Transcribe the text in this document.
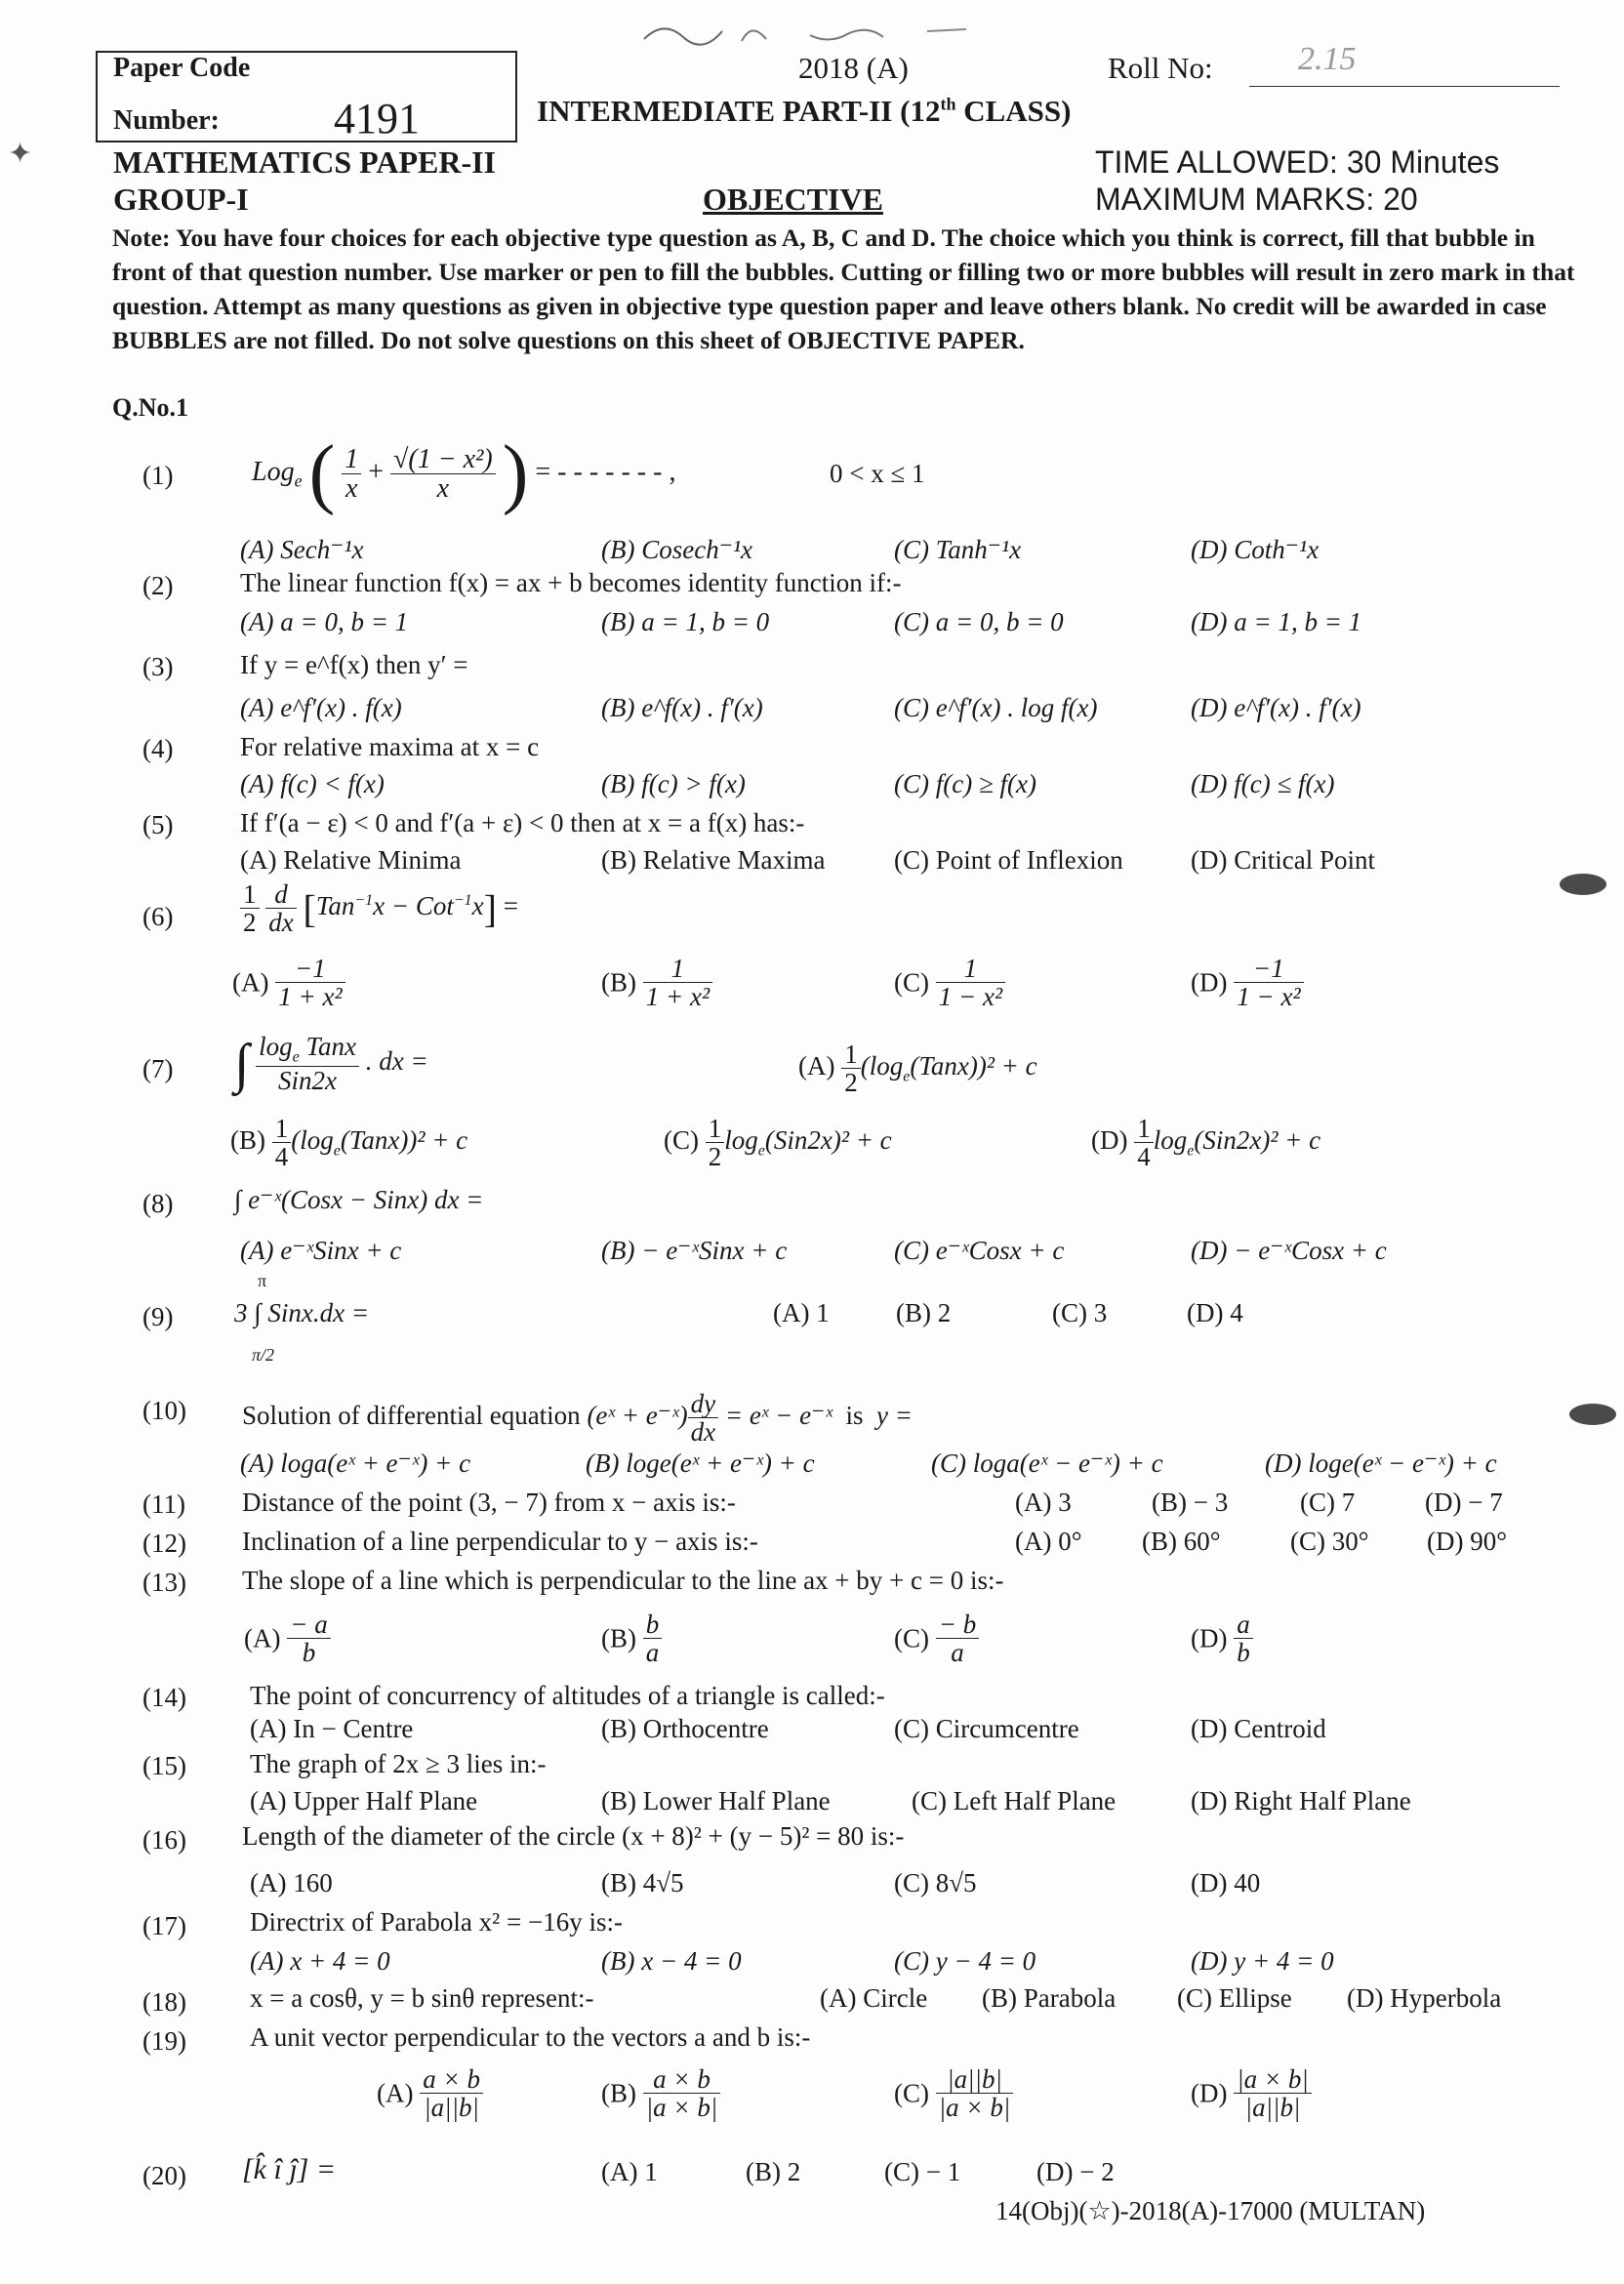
✦
Paper Code
Number:	4191
2018 (A)	Roll No:	2.15
INTERMEDIATE PART-II (12th CLASS)
MATHEMATICS PAPER-II
GROUP-I	OBJECTIVE
TIME ALLOWED: 30 Minutes
MAXIMUM MARKS: 20
Note: You have four choices for each objective type question as A, B, C and D. The choice which you think is correct, fill that bubble in front of that question number. Use marker or pen to fill the bubbles. Cutting or filling two or more bubbles will result in zero mark in that question. Attempt as many questions as given in objective type question paper and leave others blank. No credit will be awarded in case BUBBLES are not filled. Do not solve questions on this sheet of OBJECTIVE PAPER.
Q.No.1
(1)	Log$_e$ ( $\frac{1}{x} + \frac{\text{√(1 − x²)}}{x}$ ) = - - - - - - - ,	0 < x ≤ 1
(A) Sech⁻¹x	(B) Cosech⁻¹x	(C) Tanh⁻¹x	(D) Coth⁻¹x
(2)	The linear function f(x) = ax + b becomes identity function if:-
(A) a = 0, b = 1	(B) a = 1, b = 0	(C) a = 0, b = 0	(D) a = 1, b = 1
(3)	If y = e^f(x) then y′ =
(A) e^f′(x) . f(x)	(B) e^f(x) . f′(x)	(C) e^f′(x) . log f(x)	(D) e^f′(x) . f′(x)
(4)	For relative maxima at x = c
(A) f(c) < f(x)	(B) f(c) > f(x)	(C) f(c) ≥ f(x)	(D) f(c) ≤ f(x)
(5)	If f′(a − ε) < 0 and f′(a + ε) < 0 then at x = a f(x) has:-
(A) Relative Minima	(B) Relative Maxima	(C) Point of Inflexion	(D) Critical Point
(6)	$\frac{1}{2}$
$\frac{d}{dx} [Tan^{-1}x - Cot^{-1}x]$ =
$(A) \frac{-1}{\text{1 + x²}}$	$(B) \frac{1}{\text{1 + x²}}$	$(C) \frac{1}{\text{1 − x²}}$	$(D) \frac{-1}{\text{1 − x²}}$
(7) ∫ $\frac{\log_e Tanx}{\text{Sin2x}}$ . dx =	$(A) \frac{1}{2}$ $(\log_e(Tanx))^2 + c$
$(B) \frac{1}{4}$ $(\log_e(Tanx))^2 + c$	$(C) \frac{1}{2} \log_e(Sin2x)^2 + c$	$(D) \frac{1}{4} \log_e(Sin2x)^2 + c$
(8) ∫ e⁻ˣ(Cosx − Sinx) dx =
(A) e⁻ˣSinx + c	(B) − e⁻ˣSinx + c	(C) e⁻ˣCosx + c	(D) − e⁻ˣCosx + c
(9)
π
3 ∫ Sinx.dx =
π/2
(A) 1	(B) 2	(C) 3	(D) 4
(10) Solution of differential equation (eˣ + e⁻ˣ) $\frac{dy}{dx}$ = eˣ − e⁻ˣ  is  y =
(A) loga(eˣ + e⁻ˣ) + c	(B) loge(eˣ + e⁻ˣ) + c	(C) loga(eˣ − e⁻ˣ) + c	(D) loge(eˣ − e⁻ˣ) + c
(11) Distance of the point (3, − 7) from x − axis is:-	(A) 3	(B) − 3	(C) 7	(D) − 7
(12) Inclination of a line perpendicular to y − axis is:-	(A) 0° (B) 60°	(C) 30° (D) 90°
(13) The slope of a line which is perpendicular to the line ax + by + c = 0 is:-
$(A) \frac{- a}{b}$	$(B) \frac{b}{a}$	$(C) \frac{- b}{a}$	$(D) \frac{a}{b}$
(14) The point of concurrency of altitudes of a triangle is called:-
(A) In − Centre	(B) Orthocentre	(C) Circumcentre	(D) Centroid
(15) The graph of 2x ≥ 3 lies in:-
(A) Upper Half Plane	(B) Lower Half Plane	(C) Left Half Plane	(D) Right Half Plane
(16) Length of the diameter of the circle (x + 8)² + (y − 5)² = 80 is:-
(A) 160	(B) 4√5	(C) 8√5	(D) 40
(17) Directrix of Parabola x² = −16y is:-
(A) x + 4 = 0	(B) x − 4 = 0	(C) y − 4 = 0	(D) y + 4 = 0
(18) x = a cosθ, y = b sinθ represent:-	(A) Circle (B) Parabola (C) Ellipse (D) Hyperbola
(19) A unit vector perpendicular to the vectors a and b is:-
$(A) \frac{a \times b}{|a||b|}$	$(B) \frac{a \times b}{|a \times b|}$	$(C) \frac{|a||b|}{|a \times b|}$	$(D) \frac{|a \times b|}{|a||b|}$
(20) [k̂ î ĵ] =	(A) 1	(B) 2	(C) − 1	(D) − 2
14(Obj)(☆)-2018(A)-17000 (MULTAN)
